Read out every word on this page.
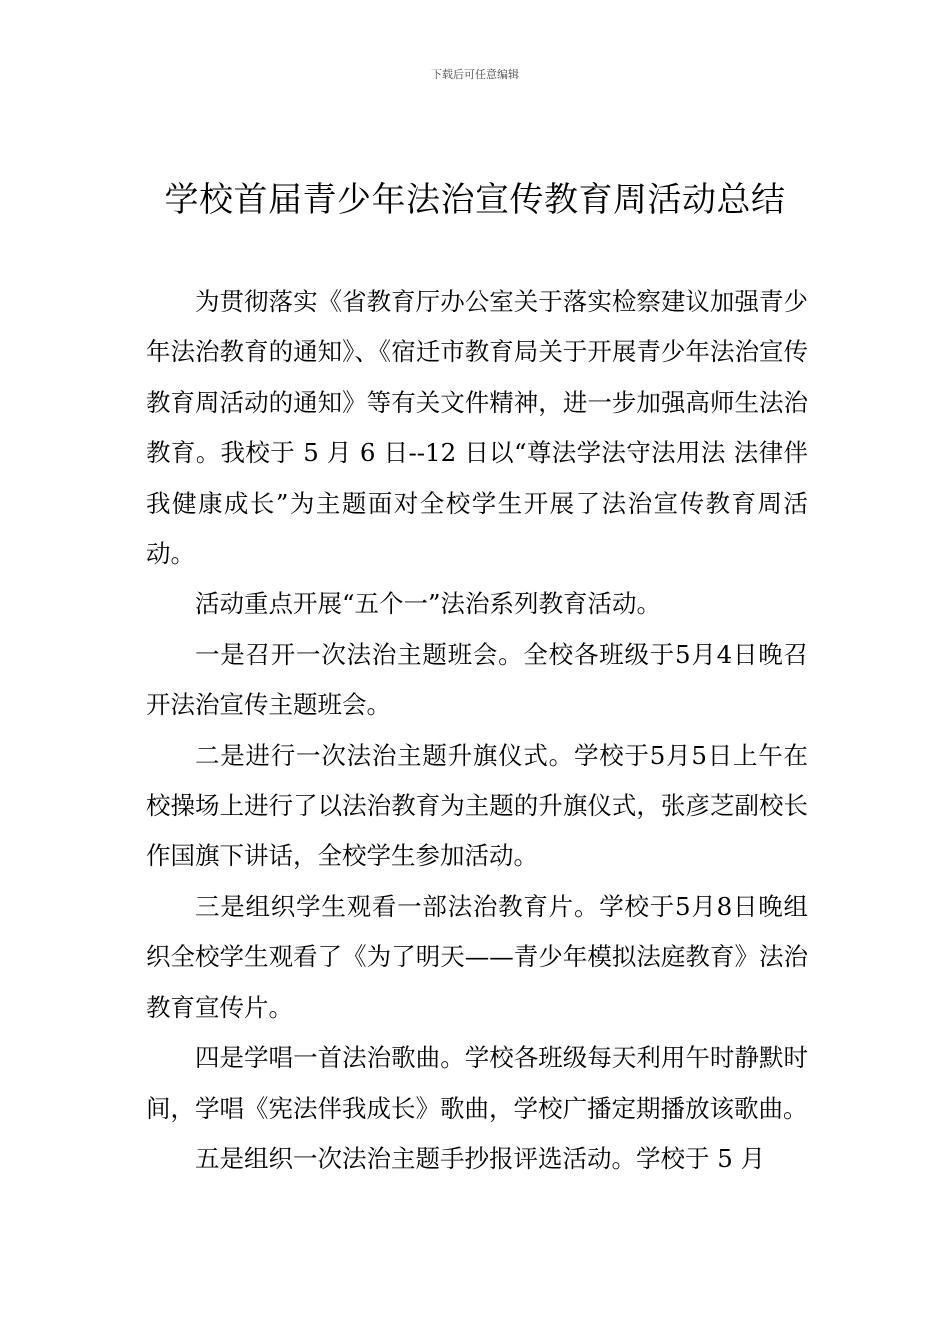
下载后可任意编辑
学校首届青少年法治宣传教育周活动总结

为贯彻落实《省教育厅办公室关于落实检察建议加强青少年法治教育的通知》、《宿迁市教育局关于开展青少年法治宣传教育周活动的通知》等有关文件精神，进一步加强高师生法治教育。我校于 5 月 6 日--12 日以“尊法学法守法用法 法律伴我健康成长”为主题面对全校学生开展了法治宣传教育周活动。

活动重点开展“五个一”法治系列教育活动。

一是召开一次法治主题班会。全校各班级于5月4日晚召开法治宣传主题班会。

二是进行一次法治主题升旗仪式。学校于5月5日上午在校操场上进行了以法治教育为主题的升旗仪式，张彦芝副校长作国旗下讲话，全校学生参加活动。

三是组织学生观看一部法治教育片。学校于5月8日晚组织全校学生观看了《为了明天——青少年模拟法庭教育》法治教育宣传片。

四是学唱一首法治歌曲。学校各班级每天利用午时静默时间，学唱《宪法伴我成长》歌曲，学校广播定期播放该歌曲。

五是组织一次法治主题手抄报评选活动。学校于 5 月
